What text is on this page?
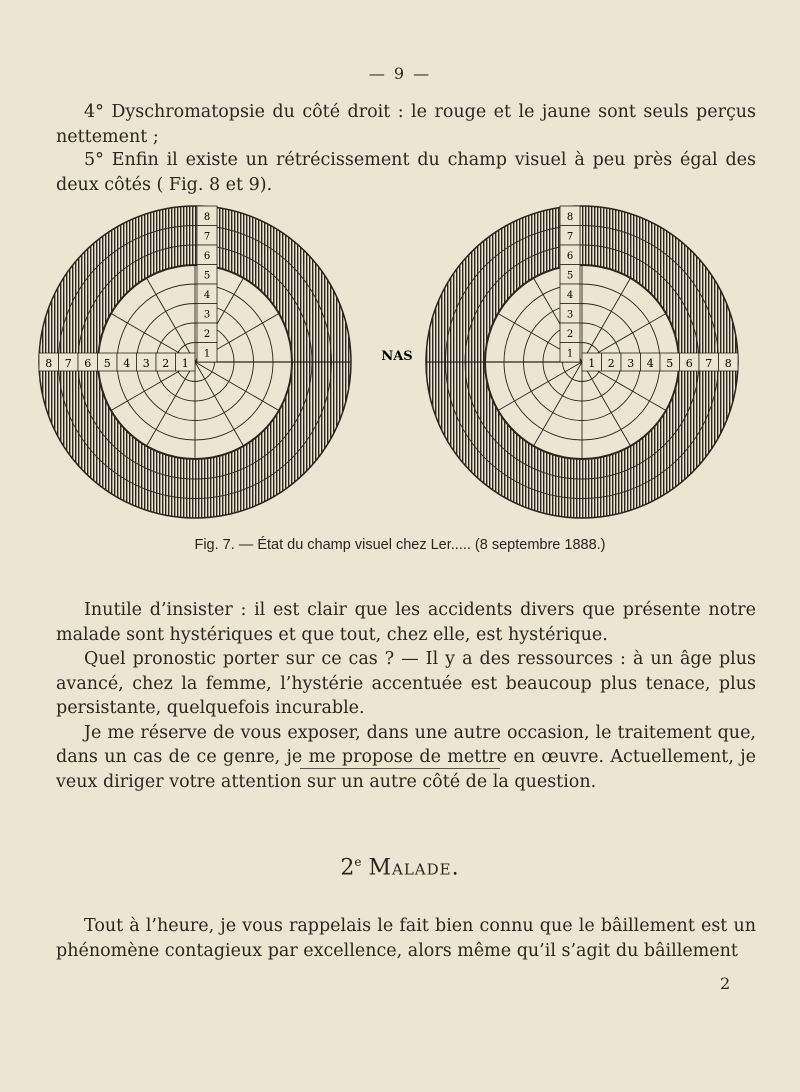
— 9 —

4° Dyschromatopsie du côté droit : le rouge et le jaune sont seuls perçus nettement ;

5° Enfin il existe un rétrécissement du champ visuel à peu près égal des deux côtés ( Fig. 8 et 9).

8 7 6 5 4 3 2 1
8
7
6
5
4
3
2
1
1 2 3 4 5 6 7 8
8
7
6
5
4
3
2
1
NAS
Fig. 7. — État du champ visuel chez Ler..... (8 septembre 1888.)

Inutile d’insister : il est clair que les accidents divers que présente notre malade sont hystériques et que tout, chez elle, est hystérique.

Quel pronostic porter sur ce cas ? — Il y a des ressources : à un âge plus avancé, chez la femme, l’hystérie accentuée est beaucoup plus tenace, plus persistante, quelquefois incurable.

Je me réserve de vous exposer, dans une autre occasion, le traitement que, dans un cas de ce genre, je me propose de mettre en œuvre. Actuellement, je veux diriger votre attention sur un autre côté de la question.

2e Malade.

Tout à l’heure, je vous rappelais le fait bien connu que le bâillement est un phénomène contagieux par excellence, alors même qu’il s’agit du bâillement

2
